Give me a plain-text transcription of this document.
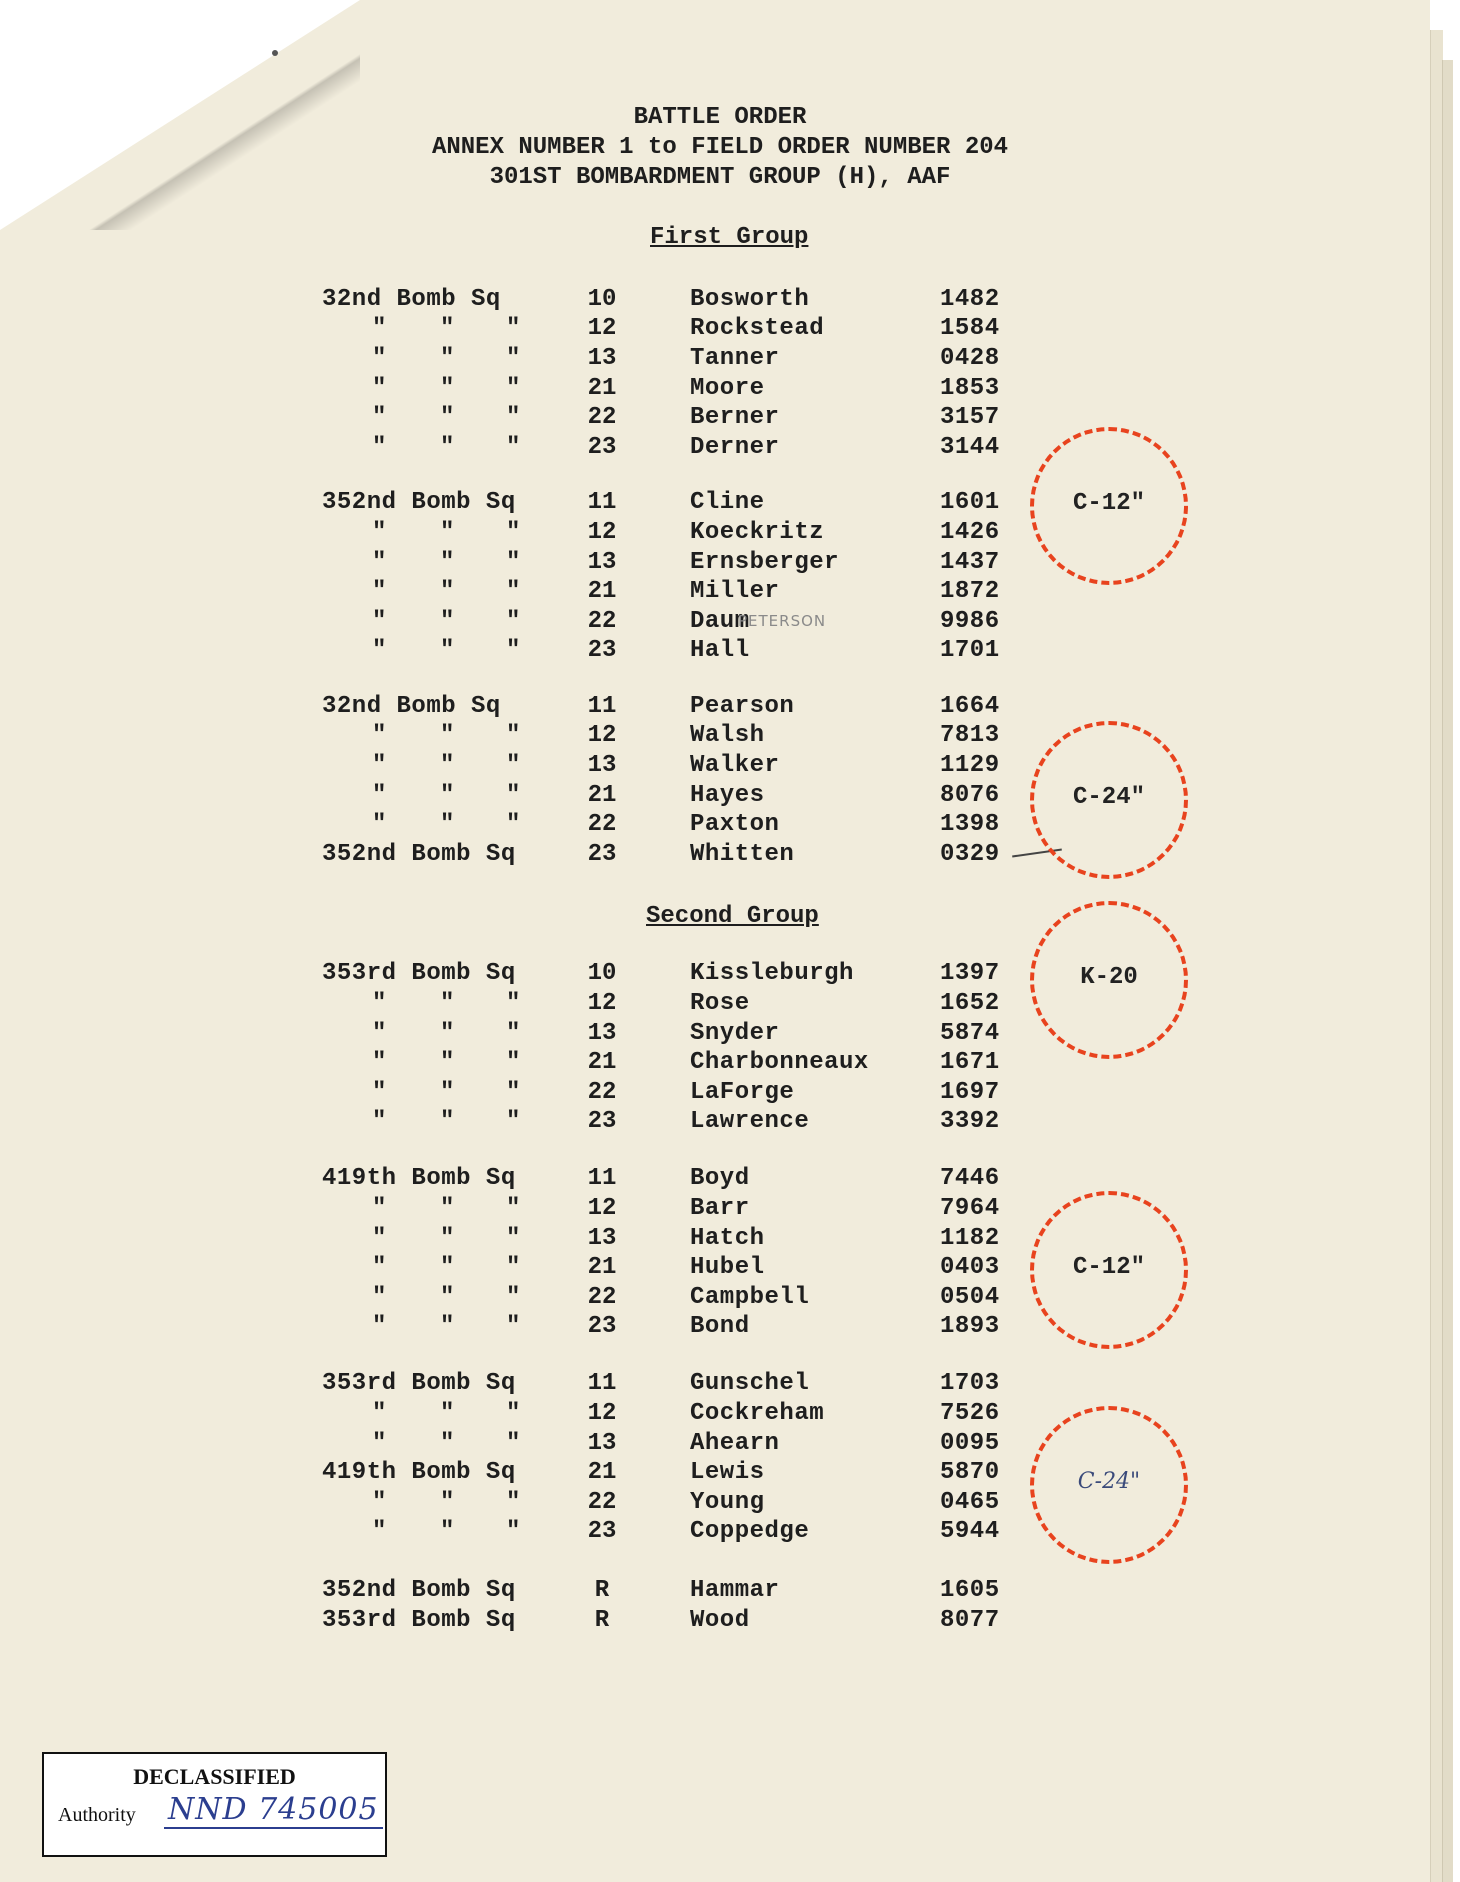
BATTLE ORDER
ANNEX NUMBER 1 to FIELD ORDER NUMBER 204
301ST BOMBARDMENT GROUP (H), AAF
First Group
Second Group
32nd Bomb Sq	10	Bosworth	1482
" " "	12	Rockstead	1584
" " "	13	Tanner	0428
" " "	21	Moore	1853
" " "	22	Berner	3157
" " "	23	Derner	3144
352nd Bomb Sq	11	Cline	1601
" " "	12	Koeckritz	1426
" " "	13	Ernsberger	1437
" " "	21	Miller	1872
" " "	22	Daum	9986
" " "	23	Hall	1701
32nd Bomb Sq	11	Pearson	1664
" " "	12	Walsh	7813
" " "	13	Walker	1129
" " "	21	Hayes	8076
" " "	22	Paxton	1398
352nd Bomb Sq	23	Whitten	0329
353rd Bomb Sq	10	Kissleburgh	1397
" " "	12	Rose	1652
" " "	13	Snyder	5874
" " "	21	Charbonneaux	1671
" " "	22	LaForge	1697
" " "	23	Lawrence	3392
419th Bomb Sq	11	Boyd	7446
" " "	12	Barr	7964
" " "	13	Hatch	1182
" " "	21	Hubel	0403
" " "	22	Campbell	0504
" " "	23	Bond	1893
353rd Bomb Sq	11	Gunschel	1703
" " "	12	Cockreham	7526
" " "	13	Ahearn	0095
419th Bomb Sq	21	Lewis	5870
" " "	22	Young	0465
" " "	23	Coppedge	5944
352nd Bomb Sq	R	Hammar	1605
353rd Bomb Sq	R	Wood	8077
PETERSON
C-12"
C-24"
K-20
C-12"
C-24"
DECLASSIFIED
Authority NND 745005
